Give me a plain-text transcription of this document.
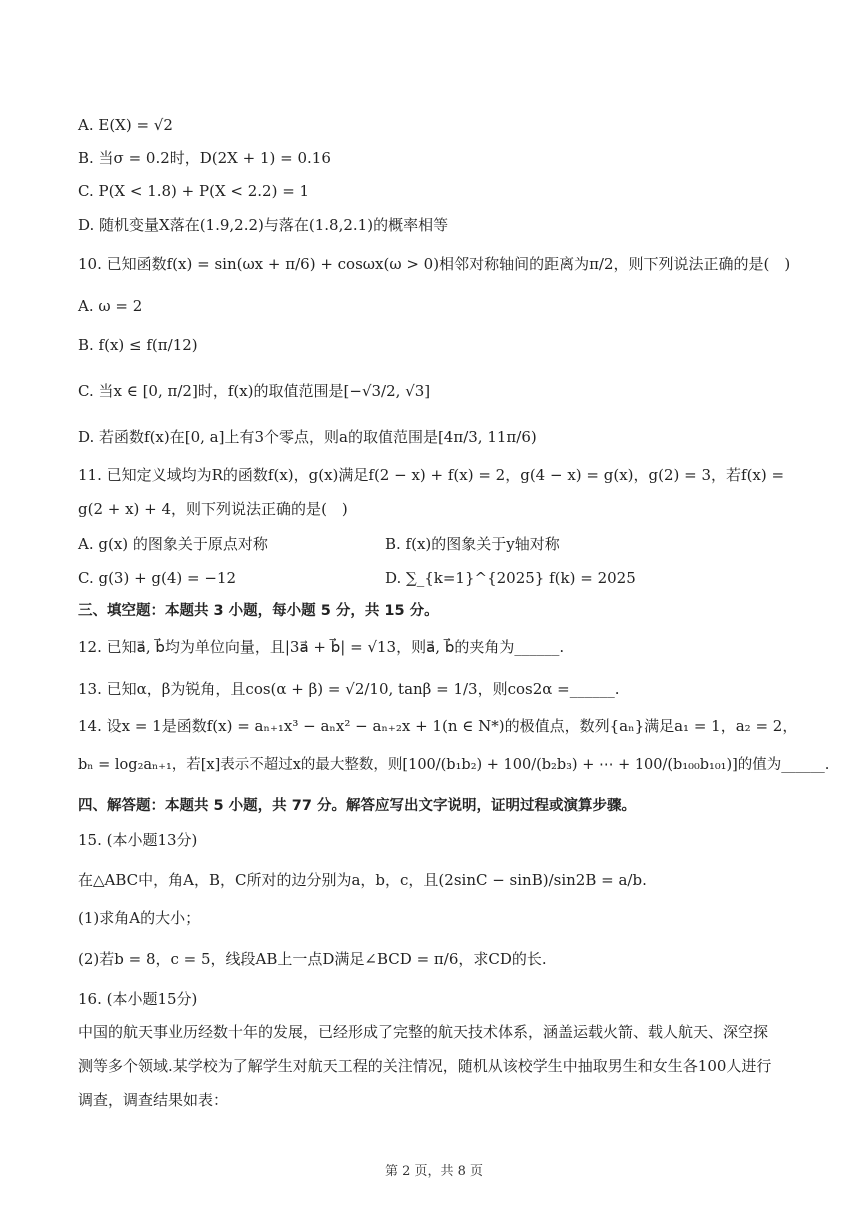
A. E(X) = √2
B. 当σ = 0.2时，D(2X + 1) = 0.16
C. P(X < 1.8) + P(X < 2.2) = 1
D. 随机变量X落在(1.9,2.2)与落在(1.8,2.1)的概率相等
10. 已知函数f(x) = sin(ωx + π/6) + cosωx(ω > 0)相邻对称轴间的距离为π/2，则下列说法正确的是(　)
A. ω = 2
B. f(x) ≤ f(π/12)
C. 当x ∈ [0, π/2]时，f(x)的取值范围是[−√3/2, √3]
D. 若函数f(x)在[0, a]上有3个零点，则a的取值范围是[4π/3, 11π/6)
11. 已知定义域均为R的函数f(x)，g(x)满足f(2 − x) + f(x) = 2，g(4 − x) = g(x)，g(2) = 3，若f(x) =
g(2 + x) + 4，则下列说法正确的是(　)
A. g(x) 的图象关于原点对称	B. f(x)的图象关于y轴对称
C. g(3) + g(4) = −12	D. ∑_{k=1}^{2025} f(k) = 2025
三、填空题：本题共 3 小题，每小题 5 分，共 15 分。
12. 已知a⃗, b⃗均为单位向量，且|3a⃗ + b⃗| = √13，则a⃗, b⃗的夹角为______.
13. 已知α，β为锐角，且cos(α + β) = √2/10, tanβ = 1/3，则cos2α =______.
14. 设x = 1是函数f(x) = aₙ₊₁x³ − aₙx² − aₙ₊₂x + 1(n ∈ N*)的极值点，数列{aₙ}满足a₁ = 1，a₂ = 2，
bₙ = log₂aₙ₊₁，若[x]表示不超过x的最大整数，则[100/(b₁b₂) + 100/(b₂b₃) + ⋯ + 100/(b₁₀₀b₁₀₁)]的值为______.
四、解答题：本题共 5 小题，共 77 分。解答应写出文字说明，证明过程或演算步骤。
15. (本小题13分)
在△ABC中，角A，B，C所对的边分别为a，b，c，且(2sinC − sinB)/sin2B = a/b.
(1)求角A的大小；
(2)若b = 8，c = 5，线段AB上一点D满足∠BCD = π/6，求CD的长.
16. (本小题15分)
中国的航天事业历经数十年的发展，已经形成了完整的航天技术体系，涵盖运载火箭、载人航天、深空探
测等多个领域.某学校为了解学生对航天工程的关注情况，随机从该校学生中抽取男生和女生各100人进行
调查，调查结果如表：
第 2 页，共 8 页
